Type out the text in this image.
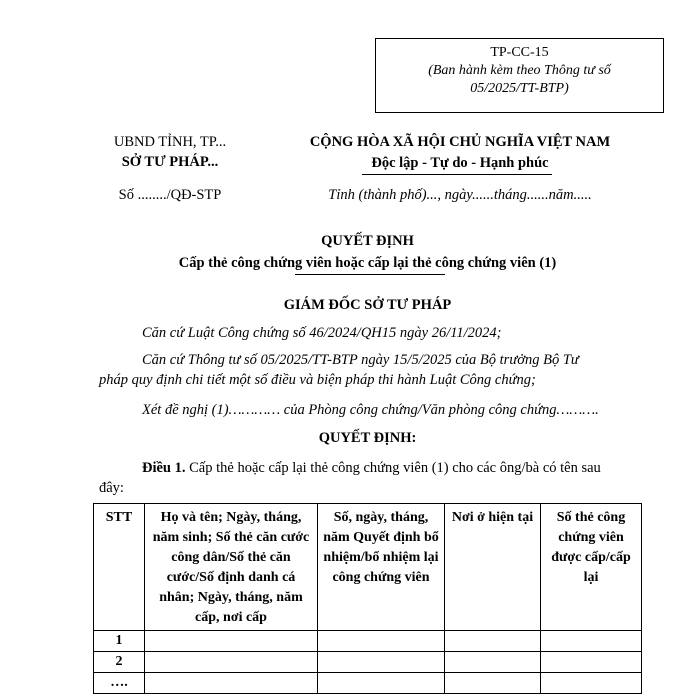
TP-CC-15
(Ban hành kèm theo Thông tư số
05/2025/TT-BTP)
UBND TỈNH, TP...
SỞ TƯ PHÁP...
Số ......../QĐ-STP
CỘNG HÒA XÃ HỘI CHỦ NGHĨA VIỆT NAM
Độc lập - Tự do - Hạnh phúc
Tỉnh (thành phố)..., ngày......tháng......năm.....
QUYẾT ĐỊNH
Cấp thẻ công chứng viên hoặc cấp lại thẻ công chứng viên (1)
GIÁM ĐỐC SỞ TƯ PHÁP
Căn cứ Luật Công chứng số 46/2024/QH15 ngày 26/11/2024;
Căn cứ Thông tư số 05/2025/TT-BTP ngày 15/5/2025 của Bộ trưởng Bộ Tư
pháp quy định chi tiết một số điều và biện pháp thi hành Luật Công chứng;
Xét đề nghị (1)………… của Phòng công chứng/Văn phòng công chứng……….
QUYẾT ĐỊNH:
Điều 1. Cấp thẻ hoặc cấp lại thẻ công chứng viên (1) cho các ông/bà có tên sau
đây:
STT	Họ và tên; Ngày, tháng, năm sinh; Số thẻ căn cước công dân/Số thẻ căn cước/Số định danh cá nhân; Ngày, tháng, năm cấp, nơi cấp	Số, ngày, tháng, năm Quyết định bổ nhiệm/bổ nhiệm lại công chứng viên	Nơi ở hiện tại	Số thẻ công chứng viên được cấp/cấp lại
1				
2				
….				
